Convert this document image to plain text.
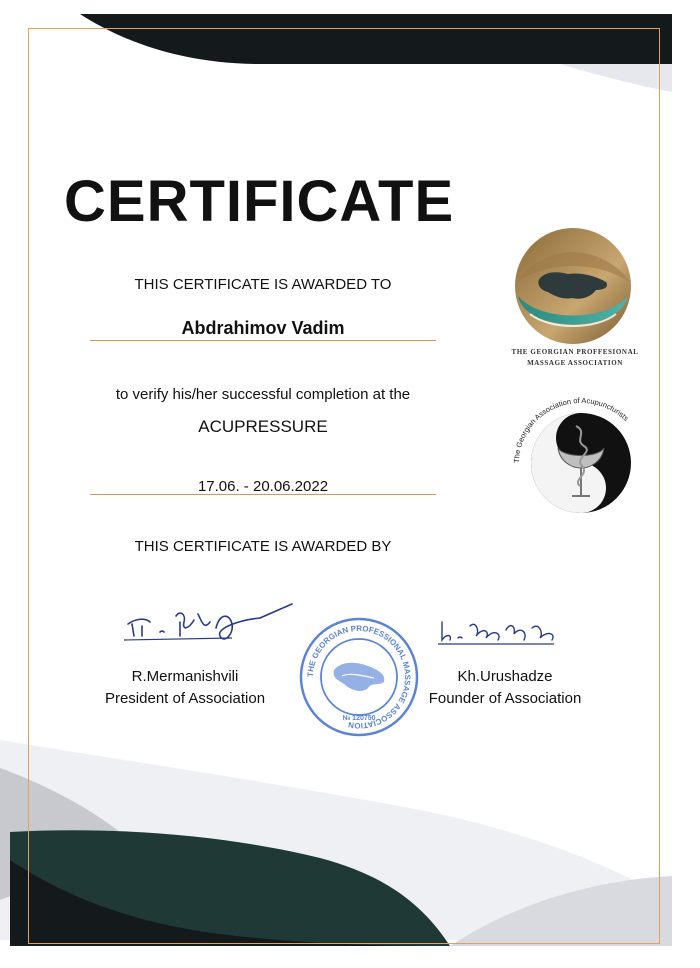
CERTIFICATE
THIS CERTIFICATE IS AWARDED TO
Abdrahimov Vadim
to verify his/her successful completion at the
ACUPRESSURE
17.06. - 20.06.2022
THIS CERTIFICATE IS AWARDED BY
R.Mermanishvili
President of Association
Kh.Urushadze
Founder of Association
THE GEORGIAN PROFESSIONAL MASSAGE ASSOCIATION
№ 120750
THE GEORGIAN PROFFESIONAL
MASSAGE ASSOCIATION
The Georgian Association of Acupuncturists
